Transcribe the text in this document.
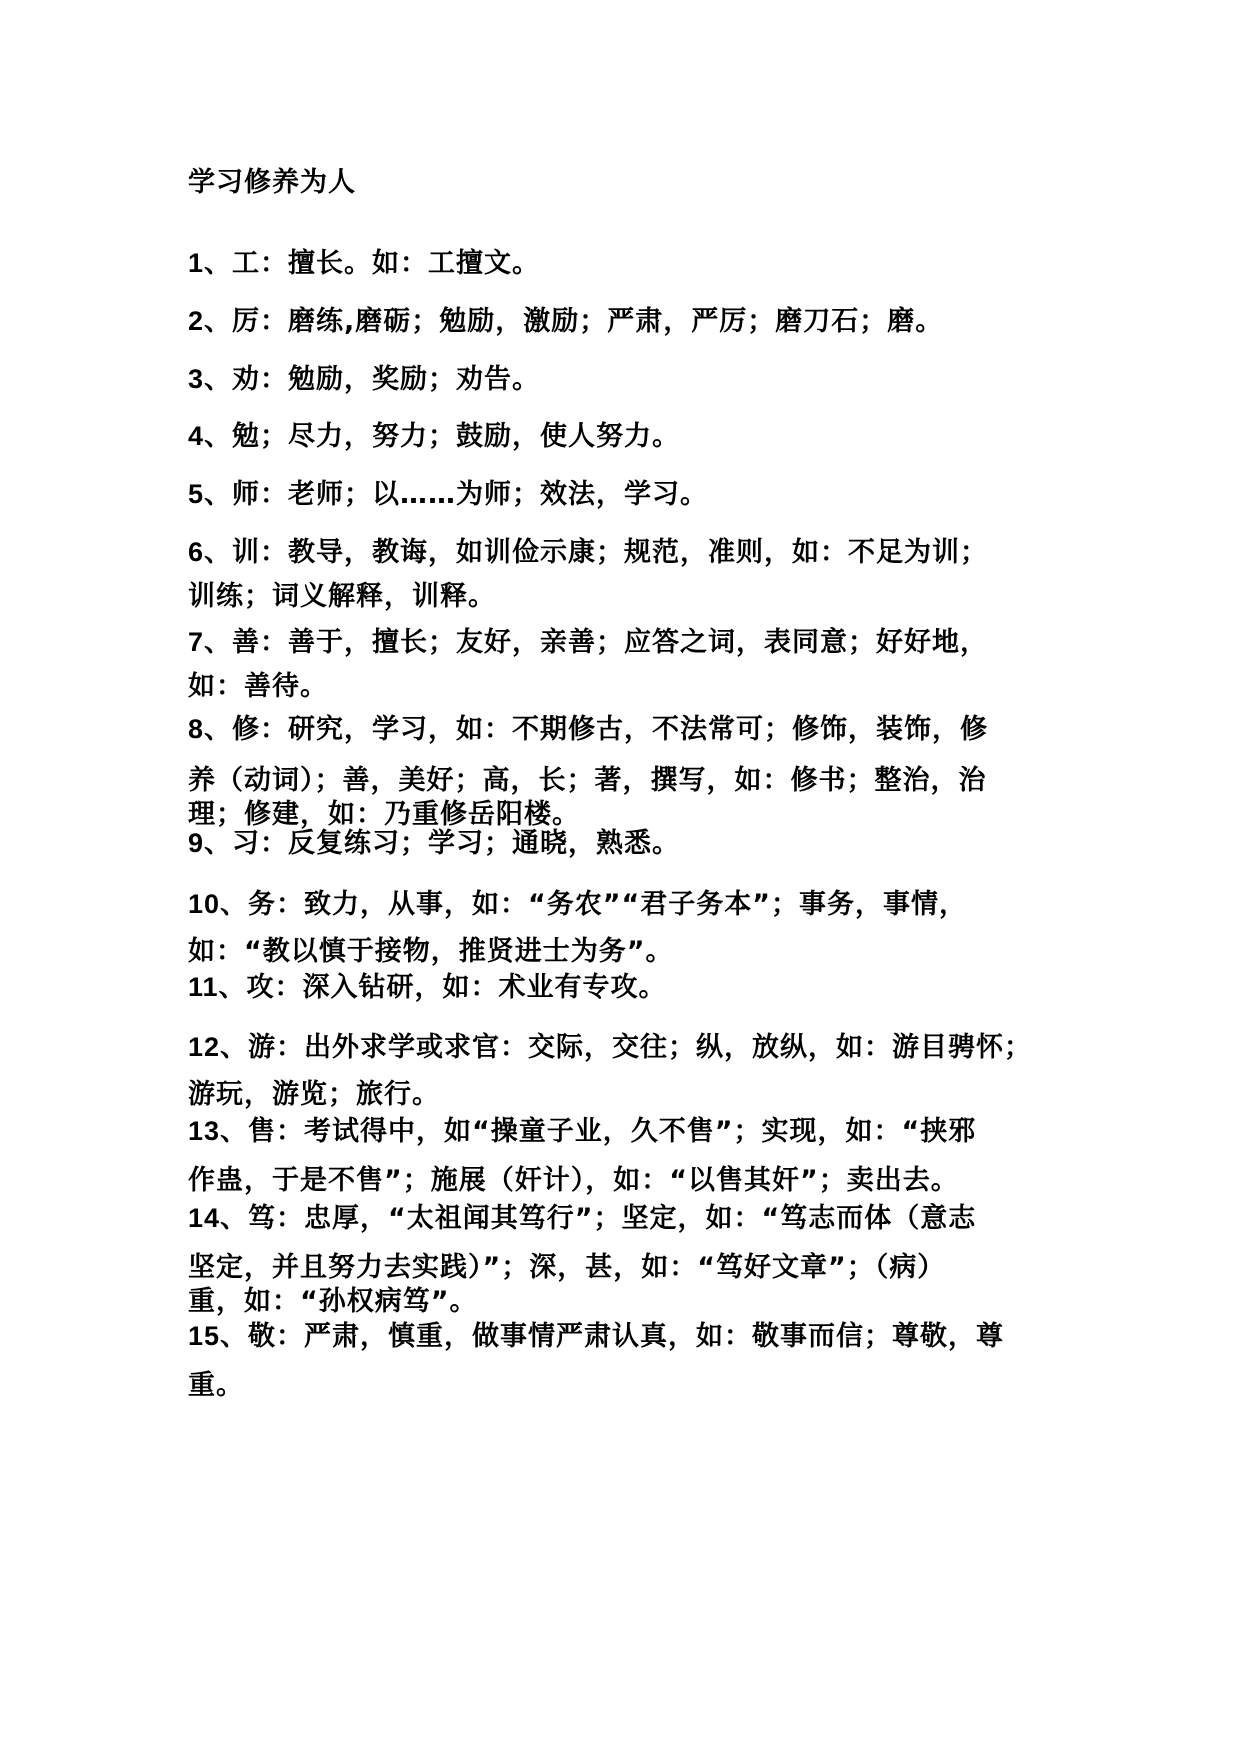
学习修养为人
1、工：擅长。如：工擅文。
2、厉：磨练,磨砺；勉励，激励；严肃，严厉；磨刀石；磨。
3、劝：勉励，奖励；劝告。
4、勉；尽力，努力；鼓励，使人努力。
5、师：老师；以……为师；效法，学习。
6、训：教导，教诲，如训俭示康；规范，准则，如：不足为训；
训练；词义解释，训释。
7、善：善于，擅长；友好，亲善；应答之词，表同意；好好地，
如：善待。
8、修：研究，学习，如：不期修古，不法常可；修饰，装饰，修
养（动词）；善，美好；高，长；著，撰写，如：修书；整治，治
理；修建，如：乃重修岳阳楼。
9、习：反复练习；学习；通晓，熟悉。
10、务：致力，从事，如：“务农”“君子务本”；事务，事情，
如：“教以慎于接物，推贤进士为务”。
11、攻：深入钻研，如：术业有专攻。
12、游：出外求学或求官：交际，交往；纵，放纵，如：游目骋怀；
游玩，游览；旅行。
13、售：考试得中，如“操童子业，久不售”；实现，如：“挟邪
作蛊，于是不售”；施展（奸计），如：“以售其奸”；卖出去。
14、笃：忠厚，“太祖闻其笃行”；坚定，如：“笃志而体（意志
坚定，并且努力去实践）”；深，甚，如：“笃好文章”；（病）
重，如：“孙权病笃”。
15、敬：严肃，慎重，做事情严肃认真，如：敬事而信；尊敬，尊
重。
